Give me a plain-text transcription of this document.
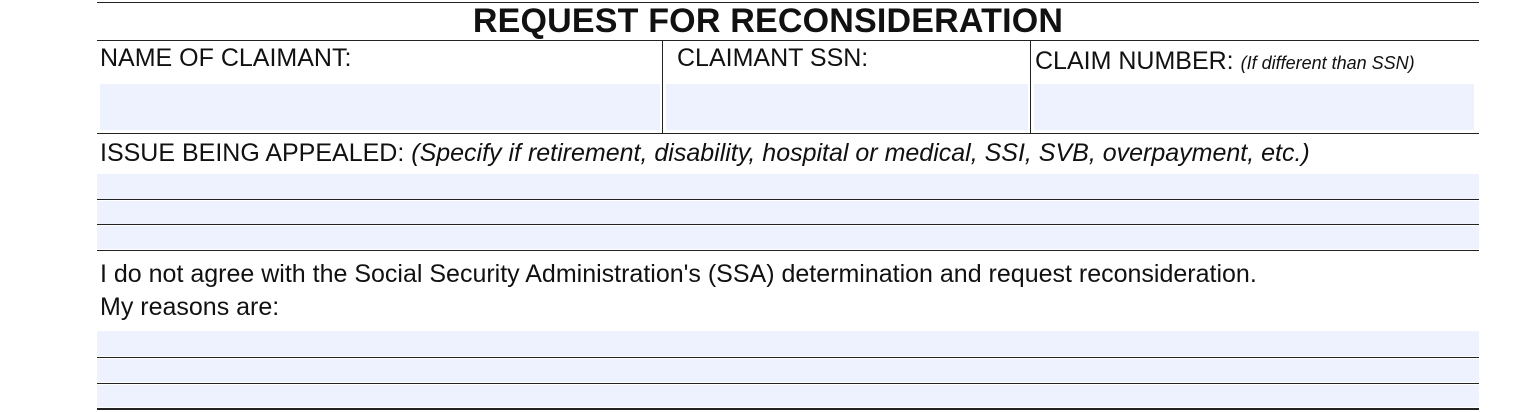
REQUEST FOR RECONSIDERATION
NAME OF CLAIMANT:	CLAIMANT SSN:	CLAIM NUMBER: (If different than SSN)
ISSUE BEING APPEALED: (Specify if retirement, disability, hospital or medical, SSI, SVB, overpayment, etc.)
I do not agree with the Social Security Administration's (SSA) determination and request reconsideration.
My reasons are:
